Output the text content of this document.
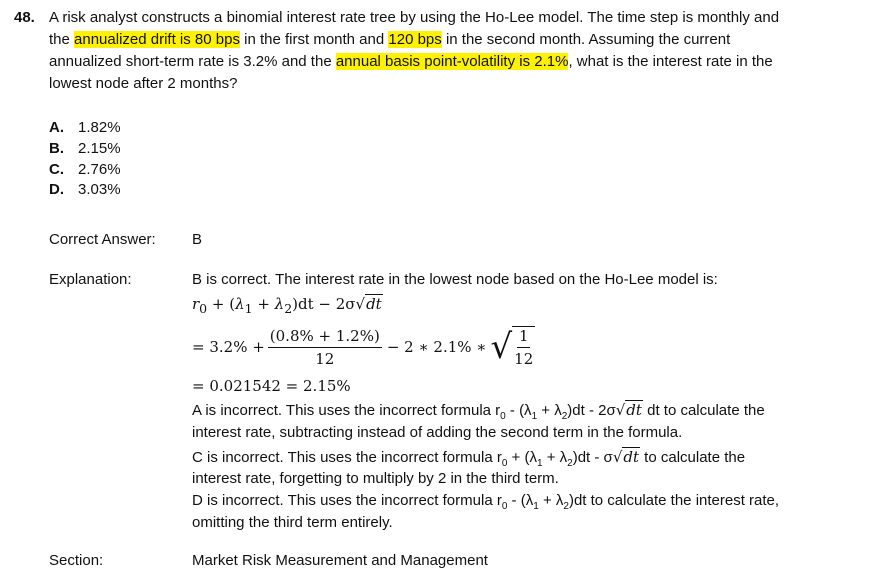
48. A risk analyst constructs a binomial interest rate tree by using the Ho-Lee model. The time step is monthly and
the annualized drift is 80 bps in the first month and 120 bps in the second month. Assuming the current
annualized short-term rate is 3.2% and the annual basis point-volatility is 2.1%, what is the interest rate in the
lowest node after 2 months?
A. 1.82%
B. 2.15%
C. 2.76%
D. 3.03%
Correct Answer: B
Explanation:	B is correct. The interest rate in the lowest node based on the Ho-Lee model is:
$r_0 + (\lambda_1 + \lambda_2)dt - 2\sigma√dt$
= $3.2\% + \frac{(0.8\% + 1.2\%)}{12} - 2$ ∗ 2.1% ∗ √ $\frac{1}{12}$
= 0.021542 = 2.15%
A is incorrect. This uses the incorrect formula $r_0 - (\lambda_1 + \lambda_2)dt - 2\sigma√dt$ dt to calculate the
interest rate, subtracting instead of adding the second term in the formula.
C is incorrect. This uses the incorrect formula $r_0 + (\lambda_1 + \lambda_2)dt - \sigma√dt$ to calculate the
interest rate, forgetting to multiply by 2 in the third term.
D is incorrect. This uses the incorrect formula $r_0 - (\lambda_1 + \lambda_2)dt$ to calculate the interest rate,
omitting the third term entirely.
Section:	Market Risk Measurement and Management
